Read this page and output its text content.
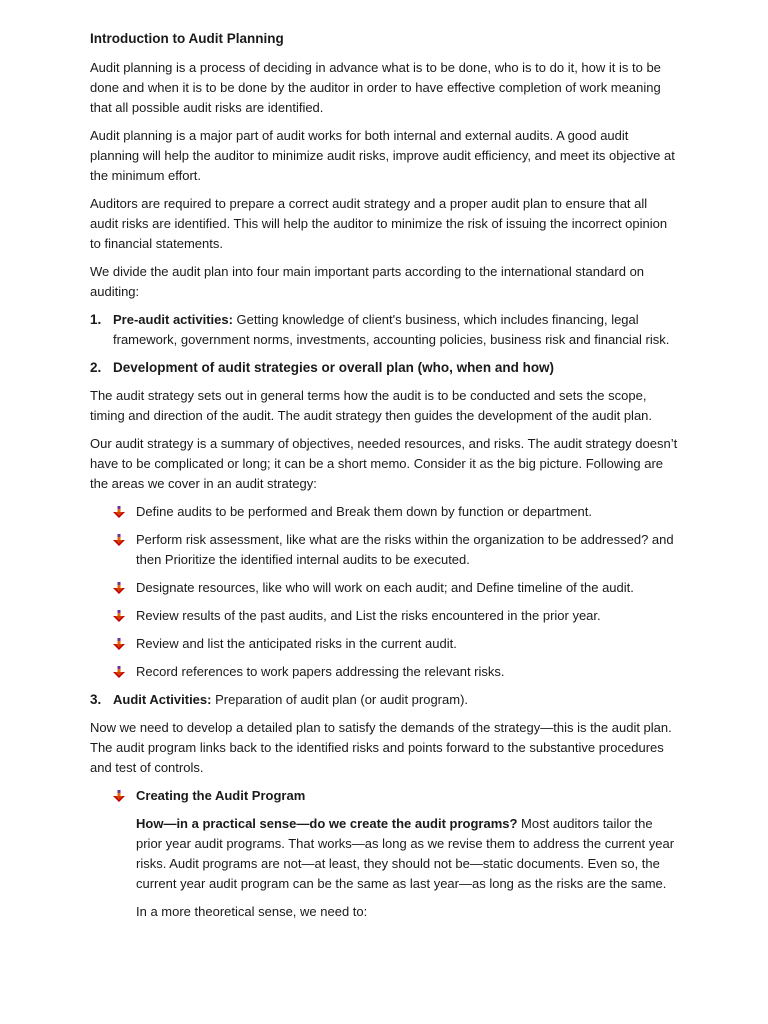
Introduction to Audit Planning

Audit planning is a process of deciding in advance what is to be done, who is to do it, how it is to be done and when it is to be done by the auditor in order to have effective completion of work meaning that all possible audit risks are identified.

Audit planning is a major part of audit works for both internal and external audits. A good audit planning will help the auditor to minimize audit risks, improve audit efficiency, and meet its objective at the minimum effort.

Auditors are required to prepare a correct audit strategy and a proper audit plan to ensure that all audit risks are identified. This will help the auditor to minimize the risk of issuing the incorrect opinion to financial statements.

We divide the audit plan into four main important parts according to the international standard on auditing:

1. Pre-audit activities: Getting knowledge of client's business, which includes financing, legal framework, government norms, investments, accounting policies, business risk and financial risk.
2. Development of audit strategies or overall plan (who, when and how)

The audit strategy sets out in general terms how the audit is to be conducted and sets the scope, timing and direction of the audit. The audit strategy then guides the development of the audit plan.

Our audit strategy is a summary of objectives, needed resources, and risks. The audit strategy doesn’t have to be complicated or long; it can be a short memo. Consider it as the big picture. Following are the areas we cover in an audit strategy:

Define audits to be performed and Break them down by function or department.
Perform risk assessment, like what are the risks within the organization to be addressed? and then Prioritize the identified internal audits to be executed.
Designate resources, like who will work on each audit; and Define timeline of the audit.
Review results of the past audits, and List the risks encountered in the prior year.
Review and list the anticipated risks in the current audit.
Record references to work papers addressing the relevant risks.
3. Audit Activities: Preparation of audit plan (or audit program).

Now we need to develop a detailed plan to satisfy the demands of the strategy—this is the audit plan. The audit program links back to the identified risks and points forward to the substantive procedures and test of controls.

Creating the Audit Program

How—in a practical sense—do we create the audit programs? Most auditors tailor the prior year audit programs. That works—as long as we revise them to address the current year risks. Audit programs are not—at least, they should not be—static documents. Even so, the current year audit program can be the same as last year—as long as the risks are the same.

In a more theoretical sense, we need to:
